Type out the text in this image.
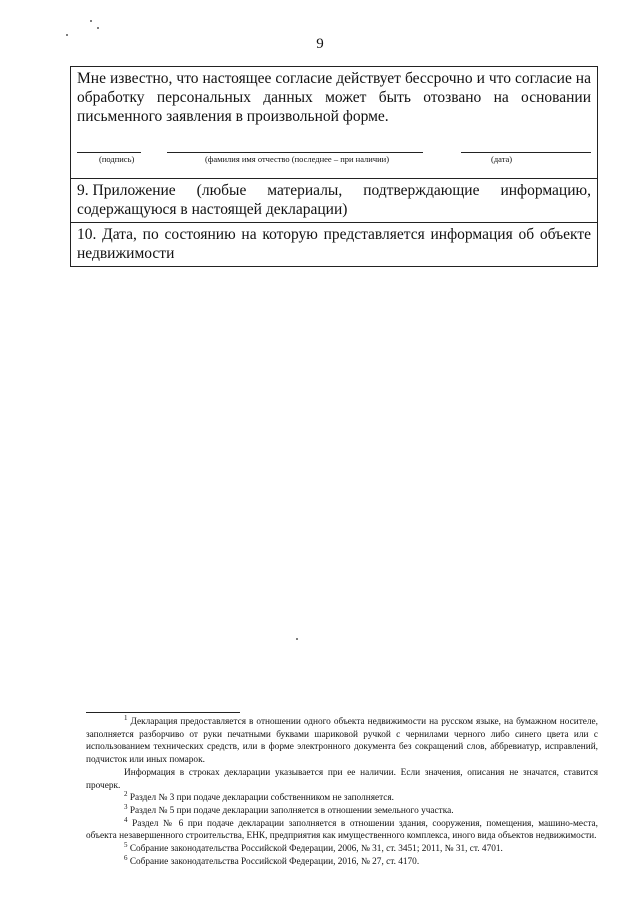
9
Мне известно, что настоящее согласие действует бессрочно и что согласие на обработку персональных данных может быть отозвано на основании письменного заявления в произвольной форме.
(подпись)	(фамилия имя отчество (последнее – при наличии)	(дата)
9. Приложение (любые материалы, подтверждающие информацию,
содержащуюся в настоящей декларации)
10. Дата, по состоянию на которую представляется информация об объекте
недвижимости

$^1$ Декларация предоставляется в отношении одного объекта недвижимости на русском языке, на бумажном носителе, заполняется разборчиво от руки печатными буквами шариковой ручкой с чернилами черного либо синего цвета или с использованием технических средств, или в форме электронного документа без сокращений слов, аббревиатур, исправлений, подчисток или иных помарок.

Информация в строках декларации указывается при ее наличии. Если значения, описания не значатся, ставится прочерк.

$^2$ Раздел № 3 при подаче декларации собственником не заполняется.

$^3$ Раздел № 5 при подаче декларации заполняется в отношении земельного участка.

$^4$ Раздел № 6 при подаче декларации заполняется в отношении здания, сооружения, помещения, машино-места, объекта незавершенного строительства, ЕНК, предприятия как имущественного комплекса, иного вида объектов недвижимости.

$^5$ Собрание законодательства Российской Федерации, 2006, № 31, ст. 3451; 2011, № 31, ст. 4701.

$^6$ Собрание законодательства Российской Федерации, 2016, № 27, ст. 4170.
